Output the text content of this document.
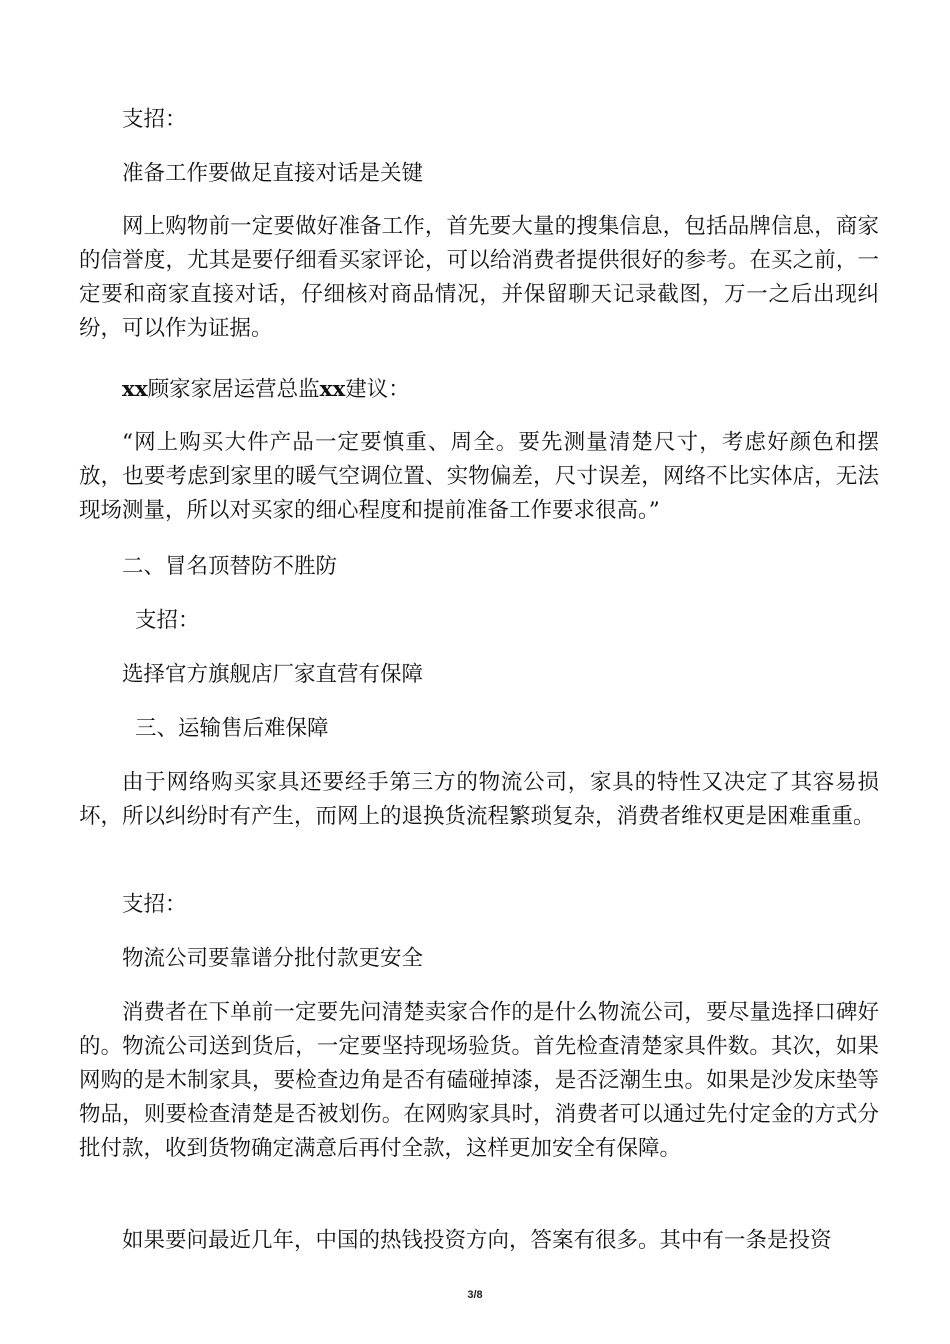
支招：

准备工作要做足直接对话是关键

网上购物前一定要做好准备工作，首先要大量的搜集信息，包括品牌信息，商家的信誉度，尤其是要仔细看买家评论，可以给消费者提供很好的参考。在买之前，一定要和商家直接对话，仔细核对商品情况，并保留聊天记录截图，万一之后出现纠纷，可以作为证据。

xx顾家家居运营总监xx建议：

“网上购买大件产品一定要慎重、周全。要先测量清楚尺寸，考虑好颜色和摆放，也要考虑到家里的暖气空调位置、实物偏差，尺寸误差，网络不比实体店，无法现场测量，所以对买家的细心程度和提前准备工作要求很高。”

二、冒名顶替防不胜防

支招：

选择官方旗舰店厂家直营有保障

三、运输售后难保障

由于网络购买家具还要经手第三方的物流公司，家具的特性又决定了其容易损坏，所以纠纷时有产生，而网上的退换货流程繁琐复杂，消费者维权更是困难重重。

支招：

物流公司要靠谱分批付款更安全

消费者在下单前一定要先问清楚卖家合作的是什么物流公司，要尽量选择口碑好的。物流公司送到货后，一定要坚持现场验货。首先检查清楚家具件数。其次，如果网购的是木制家具，要检查边角是否有磕碰掉漆，是否泛潮生虫。如果是沙发床垫等物品，则要检查清楚是否被划伤。在网购家具时，消费者可以通过先付定金的方式分批付款，收到货物确定满意后再付全款，这样更加安全有保障。

如果要问最近几年，中国的热钱投资方向，答案有很多。其中有一条是投资

3/8
